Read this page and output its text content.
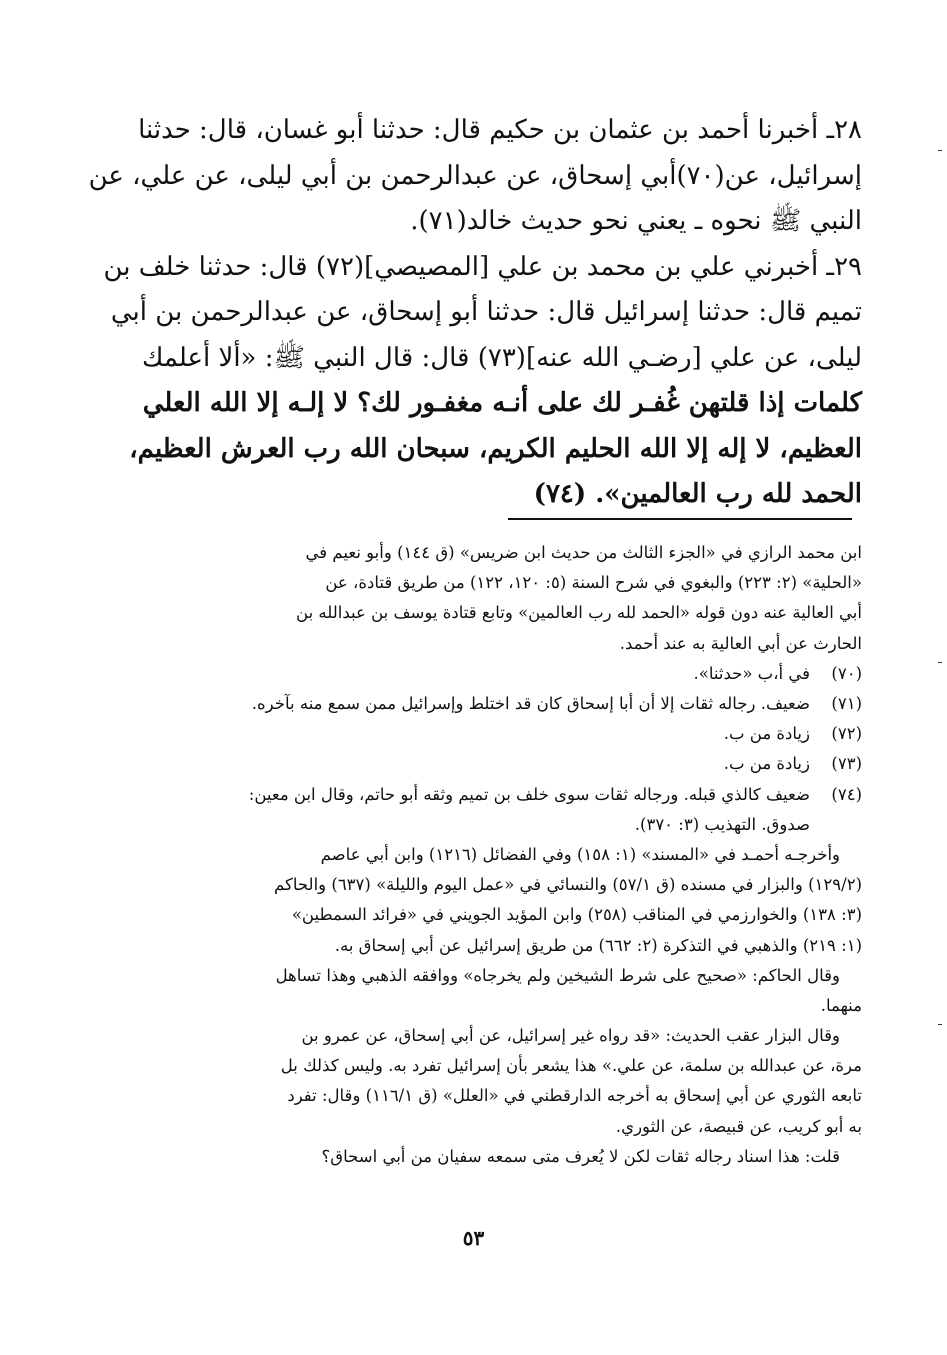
٢٨ـ أخبرنا أحمد بن عثمان بن حكيم قال: حدثنا أبو غسان، قال: حدثنا
إسرائيل، عن(٧٠)أبي إسحاق، عن عبدالرحمن بن أبي ليلى، عن علي، عن
النبي ﷺ نحوه ـ يعني نحو حديث خالد(٧١).
٢٩ـ أخبرني علي بن محمد بن علي [المصيصي](٧٢) قال: حدثنا خلف بن
تميم قال: حدثنا إسرائيل قال: حدثنا أبو إسحاق، عن عبدالرحمن بن أبي
ليلى، عن علي [رضـي الله عنه](٧٣) قال: قال النبي ﷺ: «ألا أعلمك
كلمات إذا قلتهن غُفـر لك على أنـه مغفـور لك؟ لا إلـه إلا الله العلي
العظيم، لا إله إلا الله الحليم الكريم، سبحان الله رب العرش العظيم،
الحمد لله رب العالمين». (٧٤)
ابن محمد الرازي في «الجزء الثالث من حديث ابن ضريس» (ق ١٤٤) وأبو نعيم في
«الحلية» (٢: ٢٢٣) والبغوي في شرح السنة (٥: ١٢٠، ١٢٢) من طريق قتادة، عن
أبي العالية عنه دون قوله «الحمد لله رب العالمين» وتابع قتادة يوسف بن عبدالله بن
الحارث عن أبي العالية به عند أحمد.
(٧٠)
في أ،ب «حدثنا».
(٧١)
ضعيف. رجاله ثقات إلا أن أبا إسحاق كان قد اختلط وإسرائيل ممن سمع منه بآخره.
(٧٢)
زيادة من ب.
(٧٣)
زيادة من ب.
(٧٤)
ضعيف كالذي قبله. ورجاله ثقات سوى خلف بن تميم وثقه أبو حاتم، وقال ابن معين:
صدوق. التهذيب (٣: ٣٧٠).
وأخرجـه أحمـد في «المسند» (١: ١٥٨) وفي الفضائل (١٢١٦) وابن أبي عاصم
(١٢٩/٢) والبزار في مسنده (ق ٥٧/١) والنسائي في «عمل اليوم والليلة» (٦٣٧) والحاكم
(٣: ١٣٨) والخوارزمي في المناقب (٢٥٨) وابن المؤيد الجويني في «فرائد السمطين»
(١: ٢١٩) والذهبي في التذكرة (٢: ٦٦٢) من طريق إسرائيل عن أبي إسحاق به.
وقال الحاكم: «صحيح على شرط الشيخين ولم يخرجاه» ووافقه الذهبي وهذا تساهل
منهما.
وقال البزار عقب الحديث: «قد رواه غير إسرائيل، عن أبي إسحاق، عن عمرو بن
مرة، عن عبدالله بن سلمة، عن علي.» هذا يشعر بأن إسرائيل تفرد به. وليس كذلك بل
تابعه الثوري عن أبي إسحاق به أخرجه الدارقطني في «العلل» (ق ١١٦/١) وقال: تفرد
به أبو كريب، عن قبيصة، عن الثوري.
قلت: هذا اسناد رجاله ثقات لكن لا يُعرف متى سمعه سفيان من أبي اسحاق؟
٥٣
